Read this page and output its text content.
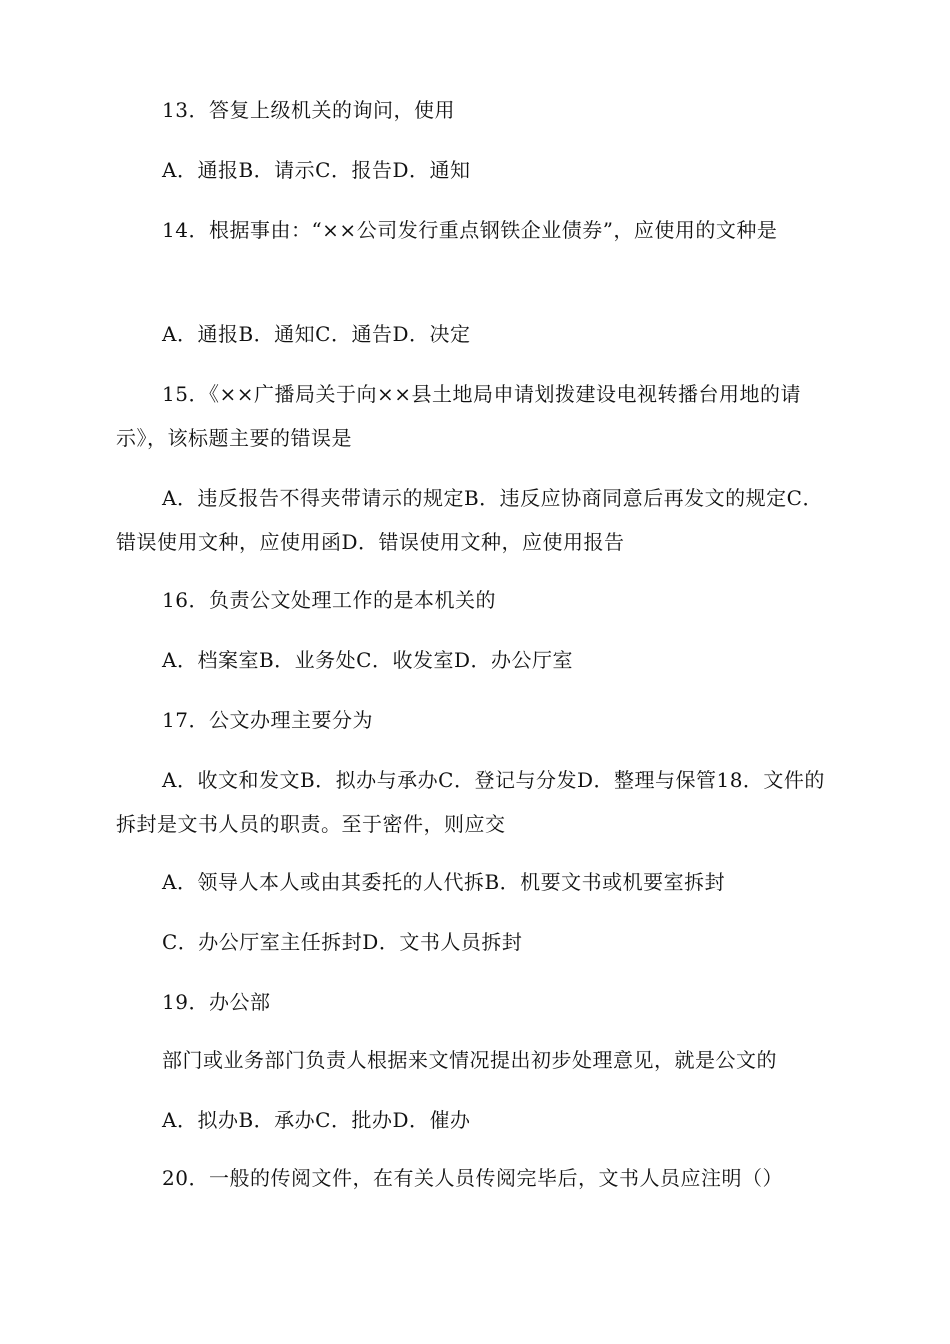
13．答复上级机关的询问，使用
A．通报B．请示C．报告D．通知
14．根据事由：“××公司发行重点钢铁企业债券”，应使用的文种是
A．通报B．通知C．通告D．决定
15．《××广播局关于向××县土地局申请划拨建设电视转播台用地的请示》，该标题主要的错误是
A．违反报告不得夹带请示的规定B．违反应协商同意后再发文的规定C．错误使用文种，应使用函D．错误使用文种，应使用报告
16．负责公文处理工作的是本机关的
A．档案室B．业务处C．收发室D．办公厅室
17．公文办理主要分为
A．收文和发文B．拟办与承办C．登记与分发D．整理与保管18．文件的拆封是文书人员的职责。至于密件，则应交
A．领导人本人或由其委托的人代拆B．机要文书或机要室拆封
C．办公厅室主任拆封D．文书人员拆封
19．办公部
部门或业务部门负责人根据来文情况提出初步处理意见，就是公文的
A．拟办B．承办C．批办D．催办
20．一般的传阅文件，在有关人员传阅完毕后，文书人员应注明（）
